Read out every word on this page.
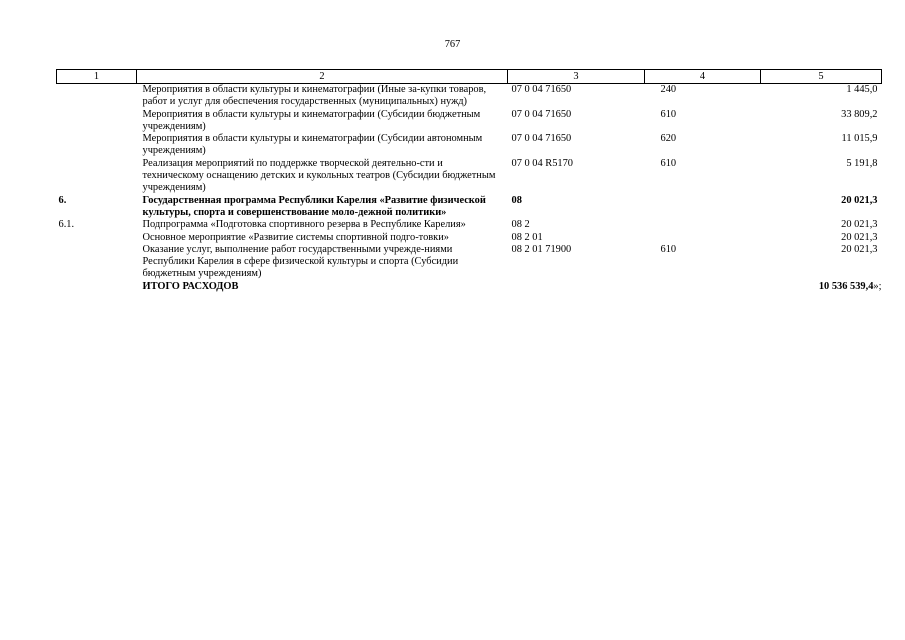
767
1	2	3	4	5
	Мероприятия в области культуры и кинематографии (Иные за-купки товаров, работ и услуг для обеспечения государственных (муниципальных) нужд)	07 0 04 71650	240	1 445,0
	Мероприятия в области культуры и кинематографии (Субсидии бюджетным учреждениям)	07 0 04 71650	610	33 809,2
	Мероприятия в области культуры и кинематографии (Субсидии автономным учреждениям)	07 0 04 71650	620	11 015,9
	Реализация мероприятий по поддержке творческой деятельно-сти и техническому оснащению детских и кукольных театров (Субсидии бюджетным учреждениям)	07 0 04 R5170	610	5 191,8
6.	Государственная программа Республики Карелия «Развитие физической культуры, спорта и совершенствование моло-дежной политики»	08		20 021,3
6.1.	Подпрограмма «Подготовка спортивного резерва в Республике Карелия»	08 2		20 021,3
	Основное мероприятие «Развитие системы спортивной подго-товки»	08 2 01		20 021,3
	Оказание услуг, выполнение работ государственными учрежде-ниями Республики Карелия в сфере физической культуры и спорта (Субсидии бюджетным учреждениям)	08 2 01 71900	610	20 021,3
	ИТОГО РАСХОДОВ			10 536 539,4»;
